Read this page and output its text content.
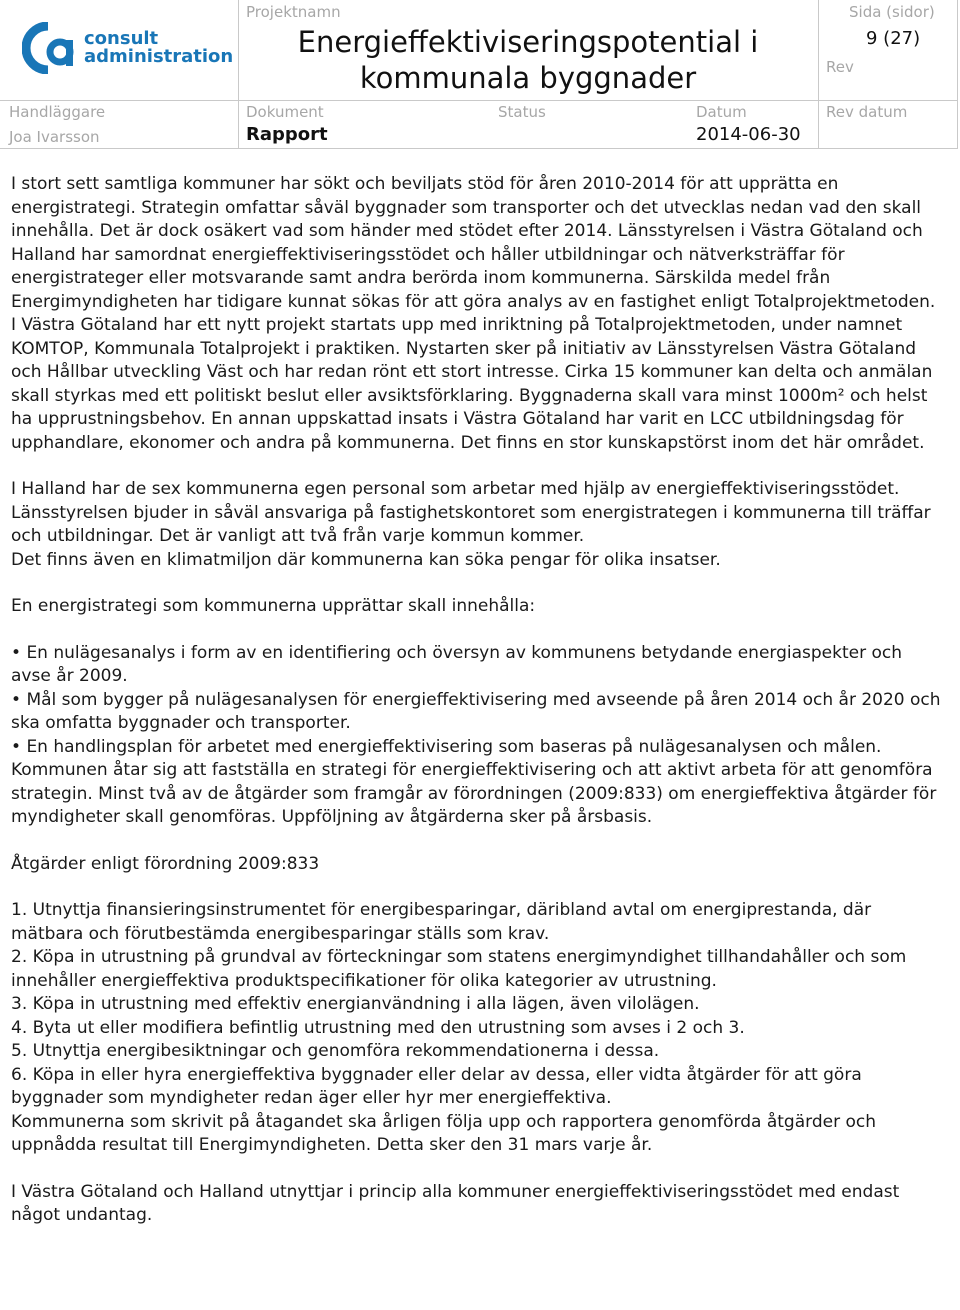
consult
administration
Projektnamn
Energieffektiviseringspotential i kommunala byggnader
Sida (sidor)
9 (27)
Rev
Handläggare
Joa Ivarsson
Dokument
Rapport
Status	Datum
2014-06-30
Rev datum

I stort sett samtliga kommuner har sökt och beviljats stöd för åren 2010-2014 för att upprätta en energistrategi. Strategin omfattar såväl byggnader som transporter och det utvecklas nedan vad den skall innehålla. Det är dock osäkert vad som händer med stödet efter 2014. Länsstyrelsen i Västra Götaland och Halland har samordnat energieffektiviseringsstödet och håller utbildningar och nätverksträffar för energistrateger eller motsvarande samt andra berörda inom kommunerna. Särskilda medel från Energimyndigheten har tidigare kunnat sökas för att göra analys av en fastighet enligt Totalprojektmetoden. I Västra Götaland har ett nytt projekt startats upp med inriktning på Totalprojektmetoden, under namnet KOMTOP, Kommunala Totalprojekt i praktiken. Nystarten sker på initiativ av Länsstyrelsen Västra Götaland och Hållbar utveckling Väst och har redan rönt ett stort intresse. Cirka 15 kommuner kan delta och anmälan skall styrkas med ett politiskt beslut eller avsiktsförklaring. Byggnaderna skall vara minst 1000m² och helst ha upprustningsbehov. En annan uppskattad insats i Västra Götaland har varit en LCC utbildningsdag för upphandlare, ekonomer och andra på kommunerna. Det finns en stor kunskapstörst inom det här området.

I Halland har de sex kommunerna egen personal som arbetar med hjälp av energieffektiviseringsstödet. Länsstyrelsen bjuder in såväl ansvariga på fastighetskontoret som energistrategen i kommunerna till träffar och utbildningar. Det är vanligt att två från varje kommun kommer.

Det finns även en klimatmiljon där kommunerna kan söka pengar för olika insatser.

En energistrategi som kommunerna upprättar skall innehålla:

• En nulägesanalys i form av en identifiering och översyn av kommunens betydande energiaspekter och avse år 2009.

• Mål som bygger på nulägesanalysen för energieffektivisering med avseende på åren 2014 och år 2020 och ska omfatta byggnader och transporter.

• En handlingsplan för arbetet med energieffektivisering som baseras på nulägesanalysen och målen.

Kommunen åtar sig att fastställa en strategi för energieffektivisering och att aktivt arbeta för att genomföra strategin. Minst två av de åtgärder som framgår av förordningen (2009:833) om energieffektiva åtgärder för myndigheter skall genomföras. Uppföljning av åtgärderna sker på årsbasis.

Åtgärder enligt förordning 2009:833

1. Utnyttja finansieringsinstrumentet för energibesparingar, däribland avtal om energiprestanda, där mätbara och förutbestämda energibesparingar ställs som krav.

2. Köpa in utrustning på grundval av förteckningar som statens energimyndighet tillhandahåller och som innehåller energieffektiva produktspecifikationer för olika kategorier av utrustning.

3. Köpa in utrustning med effektiv energianvändning i alla lägen, även vilolägen.

4. Byta ut eller modifiera befintlig utrustning med den utrustning som avses i 2 och 3.

5. Utnyttja energibesiktningar och genomföra rekommendationerna i dessa.

6. Köpa in eller hyra energieffektiva byggnader eller delar av dessa, eller vidta åtgärder för att göra byggnader som myndigheter redan äger eller hyr mer energieffektiva.

Kommunerna som skrivit på åtagandet ska årligen följa upp och rapportera genomförda åtgärder och uppnådda resultat till Energimyndigheten. Detta sker den 31 mars varje år.

I Västra Götaland och Halland utnyttjar i princip alla kommuner energieffektiviseringsstödet med endast något undantag.
